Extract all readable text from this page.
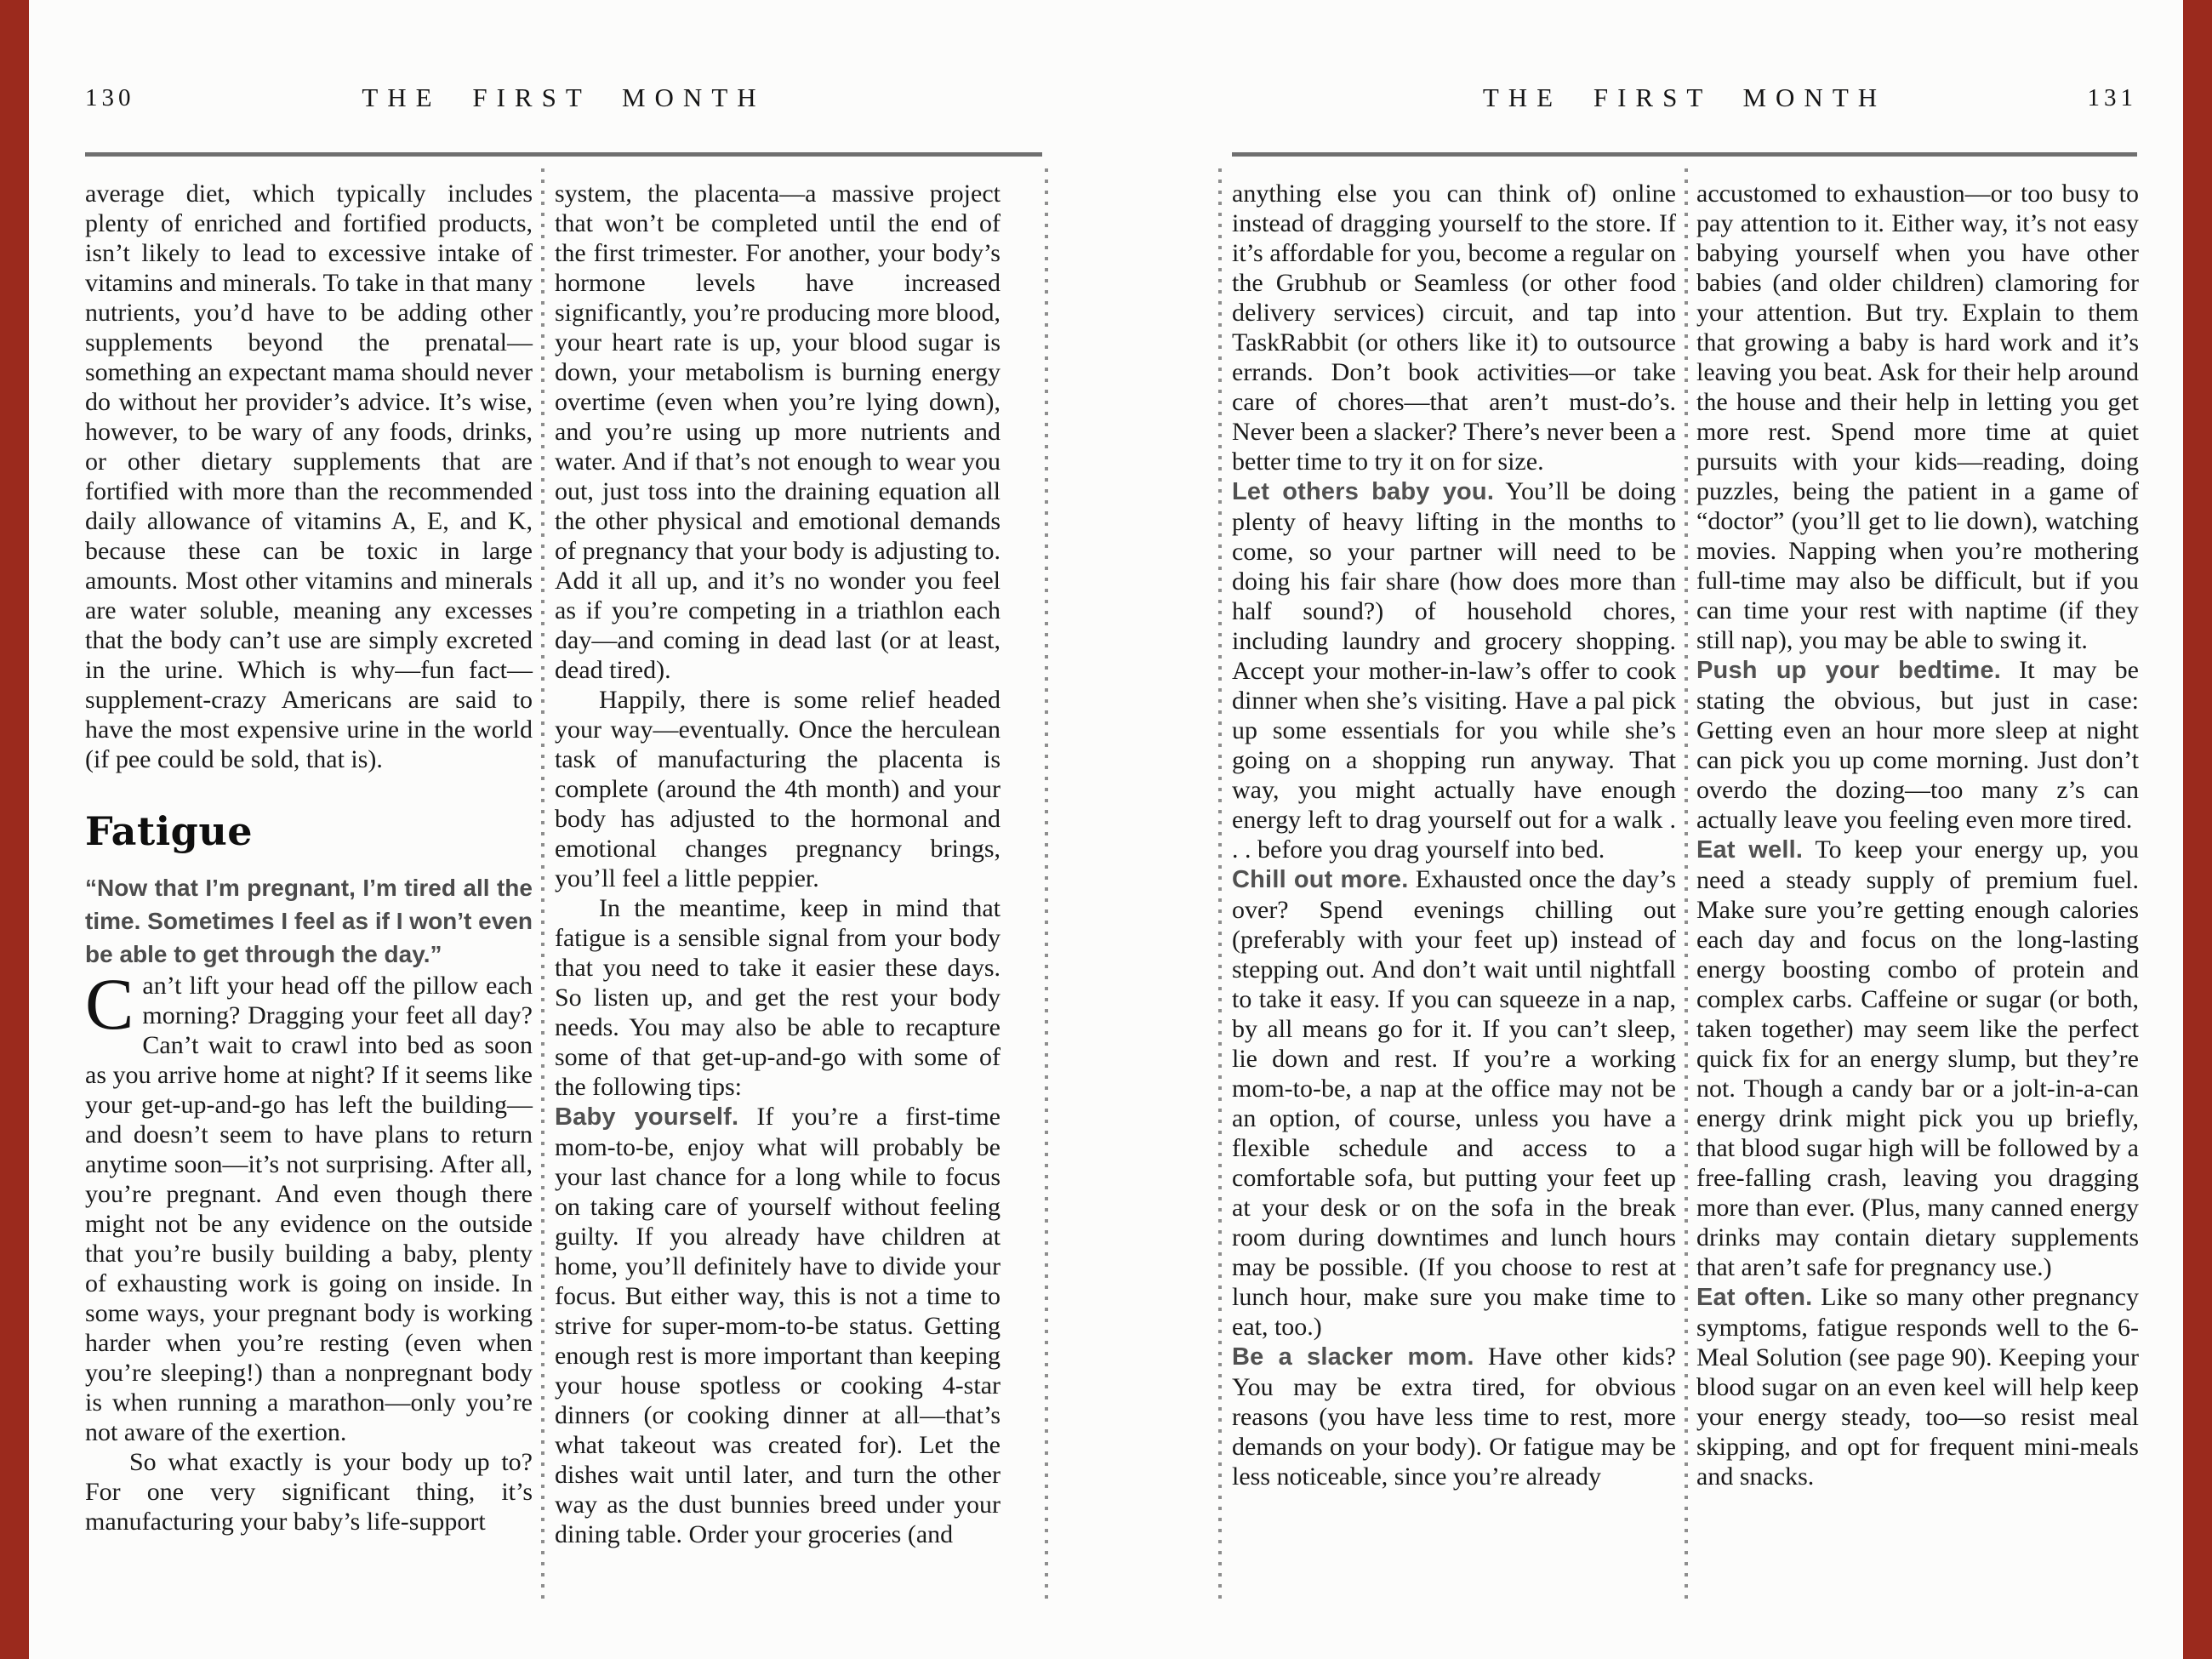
130	THE FIRST MONTH

average diet, which typically includes plenty of enriched and fortified products, isn’t likely to lead to excessive intake of vitamins and minerals. To take in that many nutrients, you’d have to be adding other supplements beyond the prenatal—something an expectant mama should never do without her provider’s advice. It’s wise, however, to be wary of any foods, drinks, or other dietary supplements that are fortified with more than the recommended daily allowance of vitamins A, E, and K, because these can be toxic in large amounts. Most other vitamins and minerals are water soluble, meaning any excesses that the body can’t use are simply excreted in the urine. Which is why—fun fact—supplement-crazy Americans are said to have the most expensive urine in the world (if pee could be sold, that is).

Fatigue

“Now that I’m pregnant, I’m tired all the time. Sometimes I feel as if I won’t even be able to get through the day.”

Can’t lift your head off the pillow each morning? Dragging your feet all day? Can’t wait to crawl into bed as soon as you arrive home at night? If it seems like your get-up-and-go has left the building—and doesn’t seem to have plans to return anytime soon—it’s not surprising. After all, you’re pregnant. And even though there might not be any evidence on the outside that you’re busily building a baby, plenty of exhausting work is going on inside. In some ways, your pregnant body is working harder when you’re resting (even when you’re sleeping!) than a nonpregnant body is when running a marathon—only you’re not aware of the exertion.

So what exactly is your body up to? For one very significant thing, it’s manufacturing your baby’s life-support

system, the placenta—a massive project that won’t be completed until the end of the first trimester. For another, your body’s hormone levels have increased significantly, you’re producing more blood, your heart rate is up, your blood sugar is down, your metabolism is burning energy overtime (even when you’re lying down), and you’re using up more nutrients and water. And if that’s not enough to wear you out, just toss into the draining equation all the other physical and emotional demands of pregnancy that your body is adjusting to. Add it all up, and it’s no wonder you feel as if you’re competing in a triathlon each day—and coming in dead last (or at least, dead tired).

Happily, there is some relief headed your way—eventually. Once the herculean task of manufacturing the placenta is complete (around the 4th month) and your body has adjusted to the hormonal and emotional changes pregnancy brings, you’ll feel a little peppier.

In the meantime, keep in mind that fatigue is a sensible signal from your body that you need to take it easier these days. So listen up, and get the rest your body needs. You may also be able to recapture some of that get-up-and-go with some of the following tips:

Baby yourself. If you’re a first-time mom-to-be, enjoy what will probably be your last chance for a long while to focus on taking care of yourself without feeling guilty. If you already have children at home, you’ll definitely have to divide your focus. But either way, this is not a time to strive for super-mom-to-be status. Getting enough rest is more important than keeping your house spotless or cooking 4-star dinners (or cooking dinner at all—that’s what takeout was created for). Let the dishes wait until later, and turn the other way as the dust bunnies breed under your dining table. Order your groceries (and

THE FIRST MONTH	131

anything else you can think of) online instead of dragging yourself to the store. If it’s affordable for you, become a regular on the Grubhub or Seamless (or other food delivery services) circuit, and tap into TaskRabbit (or others like it) to outsource errands. Don’t book activities—or take care of chores—that aren’t must-do’s. Never been a slacker? There’s never been a better time to try it on for size.

Let others baby you. You’ll be doing plenty of heavy lifting in the months to come, so your partner will need to be doing his fair share (how does more than half sound?) of household chores, including laundry and grocery shopping. Accept your mother-in-law’s offer to cook dinner when she’s visiting. Have a pal pick up some essentials for you while she’s going on a shopping run anyway. That way, you might actually have enough energy left to drag yourself out for a walk . . . before you drag yourself into bed.

Chill out more. Exhausted once the day’s over? Spend evenings chilling out (preferably with your feet up) instead of stepping out. And don’t wait until nightfall to take it easy. If you can squeeze in a nap, by all means go for it. If you can’t sleep, lie down and rest. If you’re a working mom-to-be, a nap at the office may not be an option, of course, unless you have a flexible schedule and access to a comfortable sofa, but putting your feet up at your desk or on the sofa in the break room during downtimes and lunch hours may be possible. (If you choose to rest at lunch hour, make sure you make time to eat, too.)

Be a slacker mom. Have other kids? You may be extra tired, for obvious reasons (you have less time to rest, more demands on your body). Or fatigue may be less noticeable, since you’re already

accustomed to exhaustion—or too busy to pay attention to it. Either way, it’s not easy babying yourself when you have other babies (and older children) clamoring for your attention. But try. Explain to them that growing a baby is hard work and it’s leaving you beat. Ask for their help around the house and their help in letting you get more rest. Spend more time at quiet pursuits with your kids—reading, doing puzzles, being the patient in a game of “doctor” (you’ll get to lie down), watching movies. Napping when you’re mothering full-time may also be difficult, but if you can time your rest with naptime (if they still nap), you may be able to swing it.

Push up your bedtime. It may be stating the obvious, but just in case: Getting even an hour more sleep at night can pick you up come morning. Just don’t overdo the dozing—too many z’s can actually leave you feeling even more tired.

Eat well. To keep your energy up, you need a steady supply of premium fuel. Make sure you’re getting enough calories each day and focus on the long-lasting energy boosting combo of protein and complex carbs. Caffeine or sugar (or both, taken together) may seem like the perfect quick fix for an energy slump, but they’re not. Though a candy bar or a jolt-in-a-can energy drink might pick you up briefly, that blood sugar high will be followed by a free-falling crash, leaving you dragging more than ever. (Plus, many canned energy drinks may contain dietary supplements that aren’t safe for pregnancy use.)

Eat often. Like so many other pregnancy symptoms, fatigue responds well to the 6-Meal Solution (see page 90). Keeping your blood sugar on an even keel will help keep your energy steady, too—so resist meal skipping, and opt for frequent mini-meals and snacks.
